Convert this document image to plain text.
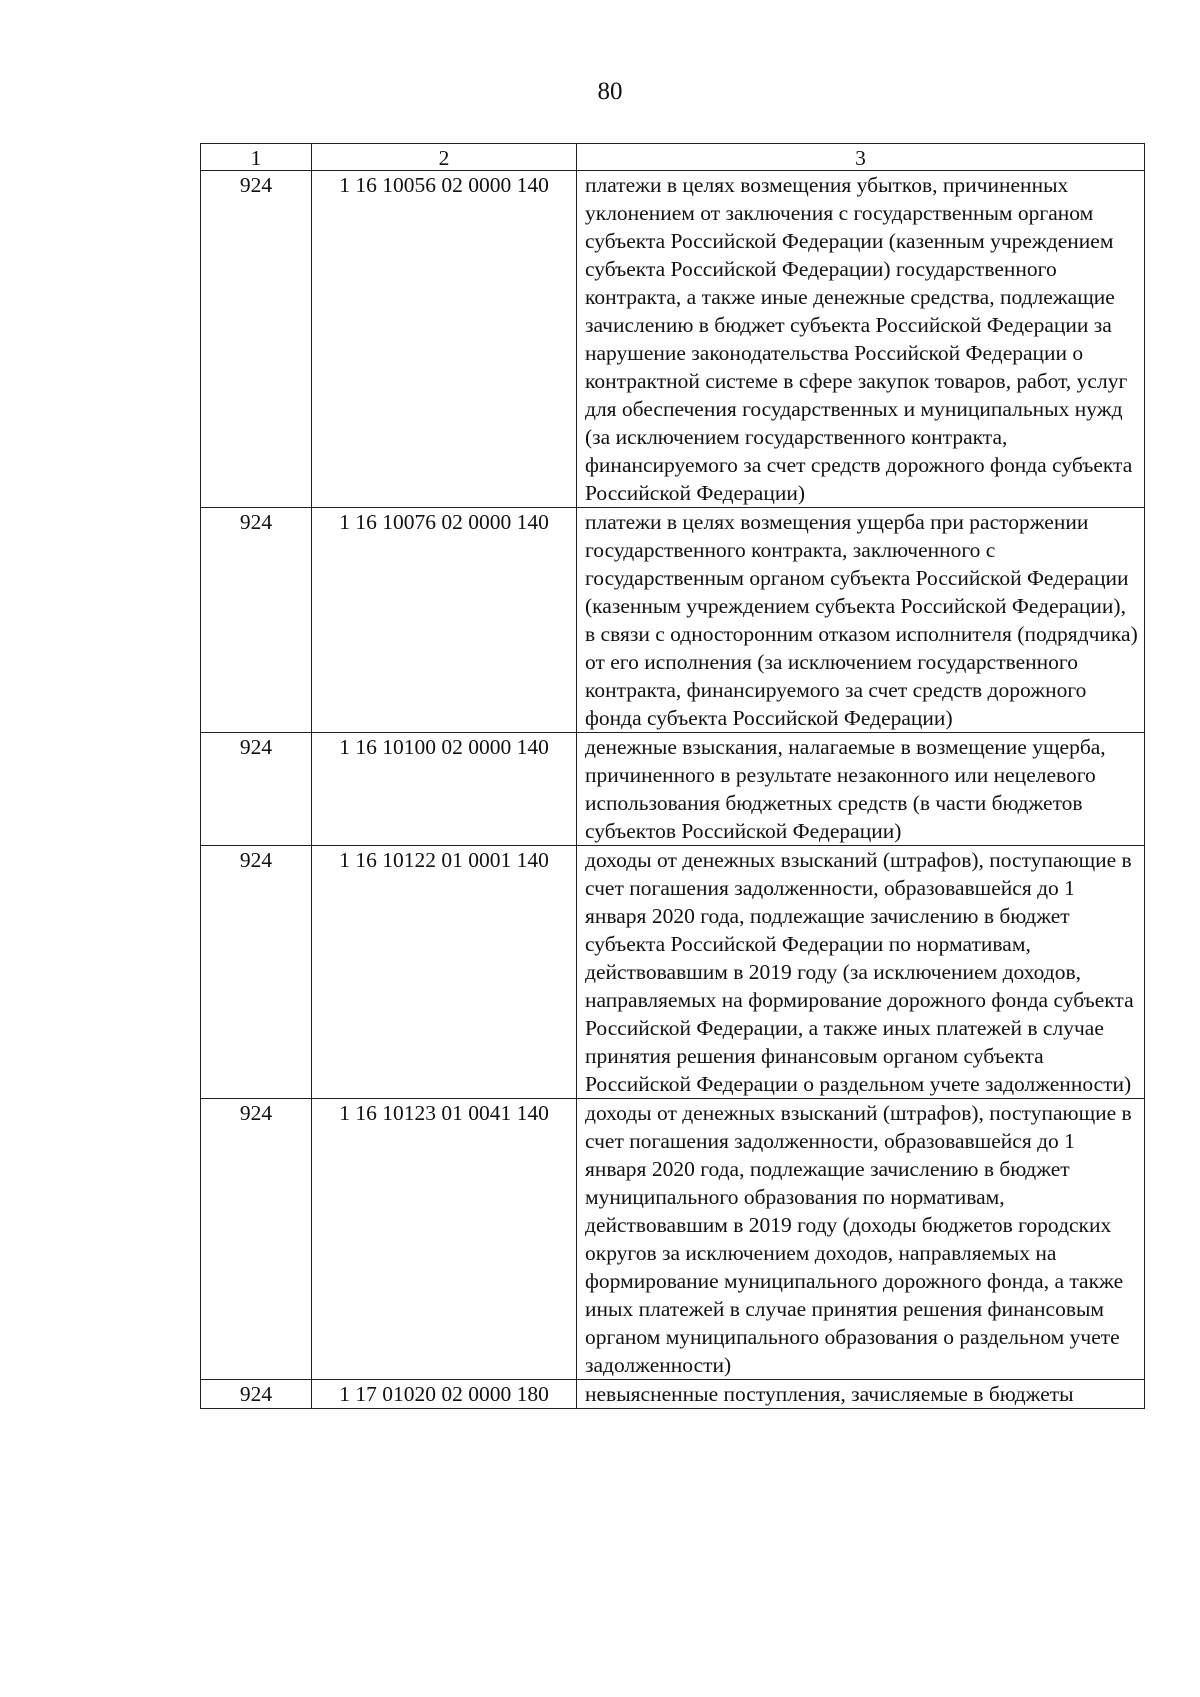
80
1	2	3
924	1 16 10056 02 0000 140	платежи в целях возмещения убытков, причиненных уклонением от заключения с государственным органом субъекта Российской Федерации (казенным учреждением субъекта Российской Федерации) государственного контракта, а также иные денежные средства, подлежащие зачислению в бюджет субъекта Российской Федерации за нарушение законодательства Российской Федерации о контрактной системе в сфере закупок товаров, работ, услуг для обеспечения государственных и муниципальных нужд (за исключением государственного контракта, финансируемого за счет средств дорожного фонда субъекта Российской Федерации)
924	1 16 10076 02 0000 140	платежи в целях возмещения ущерба при расторжении государственного контракта, заключенного с государственным органом субъекта Российской Федерации (казенным учреждением субъекта Российской Федерации), в связи с односторонним отказом исполнителя (подрядчика) от его исполнения (за исключением государственного контракта, финансируемого за счет средств дорожного фонда субъекта Российской Федерации)
924	1 16 10100 02 0000 140	денежные взыскания, налагаемые в возмещение ущерба, причиненного в результате незаконного или нецелевого использования бюджетных средств (в части бюджетов субъектов Российской Федерации)
924	1 16 10122 01 0001 140	доходы от денежных взысканий (штрафов), поступающие в счет погашения задолженности, образовавшейся до 1 января 2020 года, подлежащие зачислению в бюджет субъекта Российской Федерации по нормативам, действовавшим в 2019 году (за исключением доходов, направляемых на формирование дорожного фонда субъекта Российской Федерации, а также иных платежей в случае принятия решения финансовым органом субъекта Российской Федерации о раздельном учете задолженности)
924	1 16 10123 01 0041 140	доходы от денежных взысканий (штрафов), поступающие в счет погашения задолженности, образовавшейся до 1 января 2020 года, подлежащие зачислению в бюджет муниципального образования по нормативам, действовавшим в 2019 году (доходы бюджетов городских округов за исключением доходов, направляемых на формирование муниципального дорожного фонда, а также иных платежей в случае принятия решения финансовым органом муниципального образования о раздельном учете задолженности)
924	1 17 01020 02 0000 180	невыясненные поступления, зачисляемые в бюджеты
